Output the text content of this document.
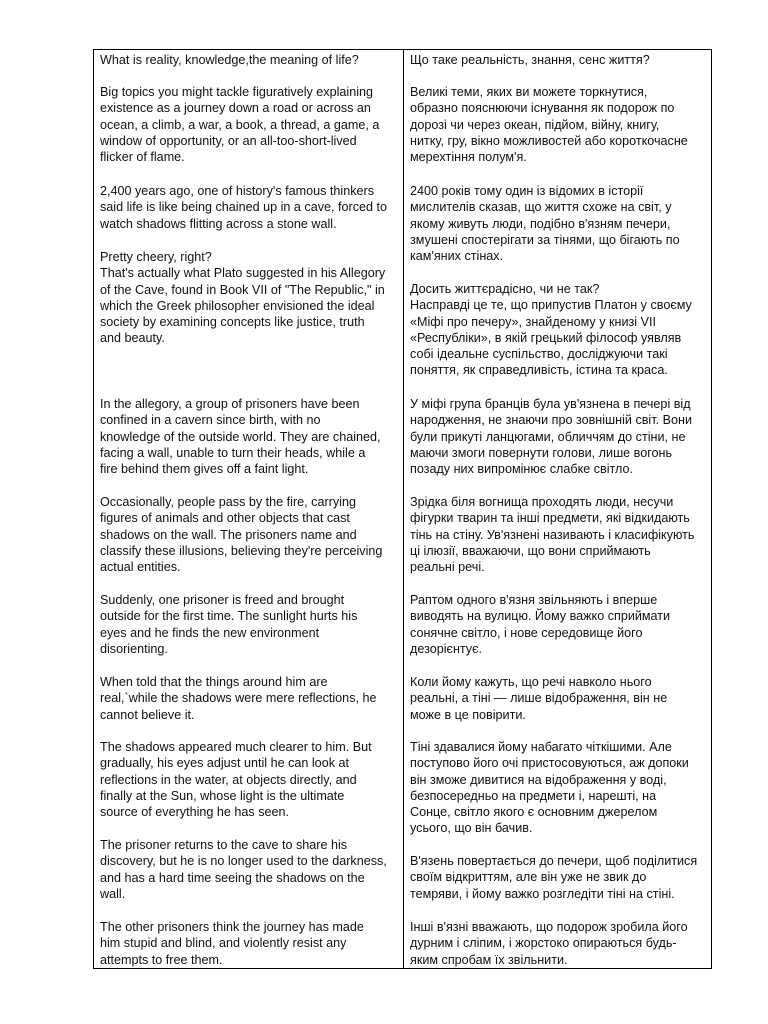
What is reality, knowledge,the meaning of life?

Big topics you might tackle figuratively explaining
existence as a journey down a road or across an
ocean, a climb, a war, a book, a thread, a game, a
window of opportunity, or an all-too-short-lived
flicker of flame.

2,400 years ago, one of history's famous thinkers
said life is like being chained up in a cave, forced to
watch shadows flitting across a stone wall.

Pretty cheery, right?
That's actually what Plato suggested in his Allegory
of the Cave, found in Book VII of "The Republic," in
which the Greek philosopher envisioned the ideal
society by examining concepts like justice, truth
and beauty.

In the allegory, a group of prisoners have been
confined in a cavern since birth, with no
knowledge of the outside world. They are chained,
facing a wall, unable to turn their heads, while a
fire behind them gives off a faint light.

Occasionally, people pass by the fire, carrying
figures of animals and other objects that cast
shadows on the wall. The prisoners name and
classify these illusions, believing they're perceiving
actual entities.

Suddenly, one prisoner is freed and brought
outside for the first time. The sunlight hurts his
eyes and he finds the new environment
disorienting.

When told that the things around him are
real,`while the shadows were mere reflections, he
cannot believe it.

The shadows appeared much clearer to him. But
gradually, his eyes adjust until he can look at
reflections in the water, at objects directly, and
finally at the Sun, whose light is the ultimate
source of everything he has seen.

The prisoner returns to the cave to share his
discovery, but he is no longer used to the darkness,
and has a hard time seeing the shadows on the
wall.

The other prisoners think the journey has made
him stupid and blind, and violently resist any
attempts to free them.

Що таке реальність, знання, сенс життя?

Великі теми, яких ви можете торкнутися,
образно пояснюючи існування як подорож по
дорозі чи через океан, підйом, війну, книгу,
нитку, гру, вікно можливостей або короткочасне
мерехтіння полум'я.

2400 років тому один із відомих в історії
мислителів сказав, що життя схоже на світ, у
якому живуть люди, подібно в'язням печери,
змушені спостерігати за тінями, що бігають по
кам'яних стінах.

Досить життєрадісно, чи не так?
Насправді це те, що припустив Платон у своєму
«Міфі про печеру», знайденому у книзі VII
«Республіки», в якій грецький філософ уявляв
собі ідеальне суспільство, досліджуючи такі
поняття, як справедливість, істина та краса.

У міфі група бранців була ув'язнена в печері від
народження, не знаючи про зовнішній світ. Вони
були прикуті ланцюгами, обличчям до стіни, не
маючи змоги повернути голови, лише вогонь
позаду них випромінює слабке світло.

Зрідка біля вогнища проходять люди, несучи
фігурки тварин та інші предмети, які відкидають
тінь на стіну. Ув'язнені називають і класифікують
ці ілюзії, вважаючи, що вони сприймають
реальні речі.

Раптом одного в'язня звільняють і вперше
виводять на вулицю. Йому важко сприймати
сонячне світло, і нове середовище його
дезорієнтує.

Коли йому кажуть, що речі навколо нього
реальні, а тіні — лише відображення, він не
може в це повірити.

Тіні здавалися йому набагато чіткішими. Але
поступово його очі пристосовуються, аж допоки
він зможе дивитися на відображення у воді,
безпосередньо на предмети і, нарешті, на
Сонце, світло якого є основним джерелом
усього, що він бачив.

В'язень повертається до печери, щоб поділитися
своїм відкриттям, але він уже не звик до
темряви, і йому важко розгледіти тіні на стіні.

Інші в'язні вважають, що подорож зробила його
дурним і сліпим, і жорстоко опираються будь-
яким спробам їх звільнити.
